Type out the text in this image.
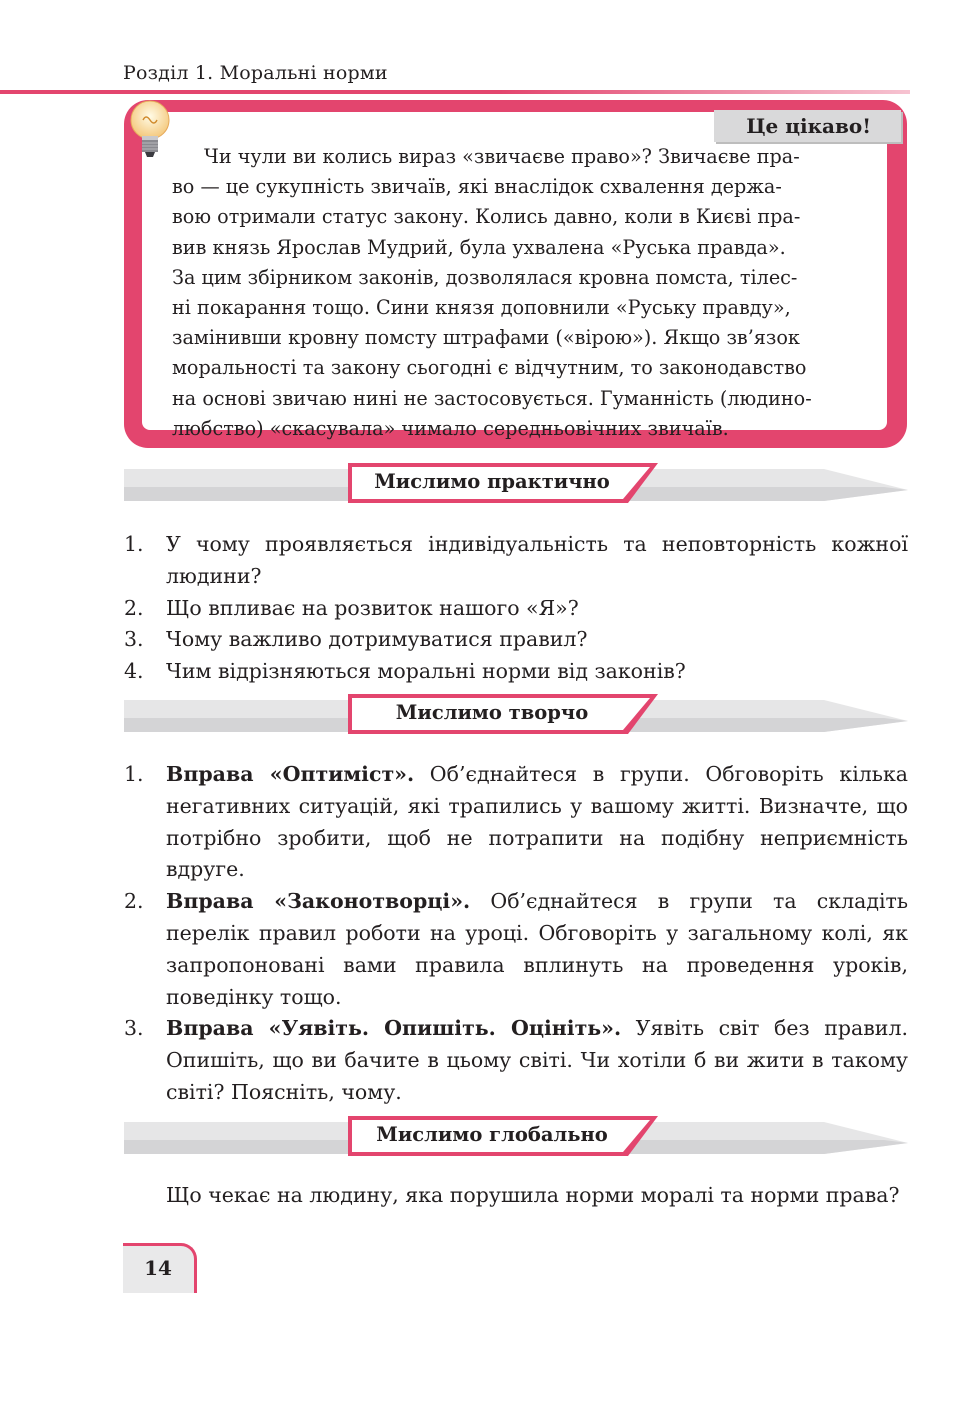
Розділ 1. Моральні норми
Це цікаво!

Чи чули ви колись вираз «звичаєве право»? Звичаєве пра-
во — це сукупність звичаїв, які внаслідок схвалення держа-
вою отримали статус закону. Колись давно, коли в Києві пра-
вив князь Ярослав Мудрий, була ухвалена «Руська правда».
За цим збірником законів, дозволялася кровна помста, тілес-
ні покарання тощо. Сини князя доповнили «Руську правду»,
замінивши кровну помсту штрафами («вірою»). Якщо зв’язок
моральності та закону сьогодні є відчутним, то законодавство
на основі звичаю нині не застосовується. Гуманність (людино-
любство) «скасувала» чимало середньовічних звичаїв.

Мислимо практично
1. У чому проявляється індивідуальність та неповторність кожної людини?
2. Що впливає на розвиток нашого «Я»?
3. Чому важливо дотримуватися правил?
4. Чим відрізняються моральні норми від законів?
Мислимо творчо
1. Вправа «Оптиміст». Об’єднайтеся в групи. Обговоріть кілька негативних ситуацій, які трапились у вашому житті. Визначте, що потрібно зробити, щоб не потрапити на подібну неприємність вдруге.
2. Вправа «Законотворці». Об’єднайтеся в групи та складіть перелік правил роботи на уроці. Обговоріть у загальному колі, як запропоновані вами правила вплинуть на проведення уроків, поведінку тощо.
3. Вправа «Уявіть. Опишіть. Оцініть». Уявіть світ без правил. Опишіть, що ви бачите в цьому світі. Чи хотіли б ви жити в такому світі? Поясніть, чому.
Мислимо глобально

Що чекає на людину, яка порушила норми моралі та норми права?

14
